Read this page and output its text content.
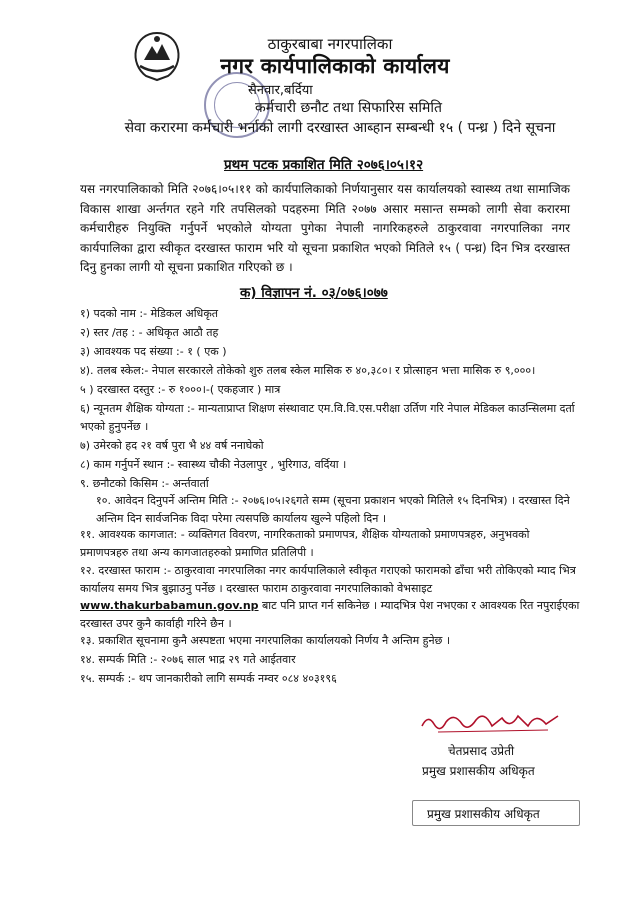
ठाकुरबाबा नगरपालिका
नगर कार्यपालिकाको कार्यालय
सैनवार,बर्दिया
कर्मचारी छनौट तथा सिफारिस समिति
सेवा करारमा कर्मचारी भर्नाको लागी दरखास्त आब्हान सम्बन्धी १५ ( पन्ध्र ) दिने सूचना
प्रथम पटक प्रकाशित मिति २०७६।०५।१२
यस नगरपालिकाको मिति २०७६।०५।११ को कार्यपालिकाको निर्णयानुसार यस कार्यालयको स्वास्थ्य तथा सामाजिक विकास शाखा अर्न्तगत रहने गरि तपसिलको पदहरुमा मिति २०७७ असार मसान्त सम्मको लागी सेवा करारमा कर्मचारीहरु नियुक्ति गर्नुपर्ने भएकोले योग्यता पुगेका नेपाली नागरिकहरुले ठाकुरवावा नगरपालिका नगर कार्यपालिका द्वारा स्वीकृत दरखास्त फाराम भरि यो सूचना प्रकाशित भएको मितिले १५ ( पन्ध्र) दिन भित्र दरखास्त दिनु हुनका लागी यो सूचना प्रकाशित गरिएको छ ।
क) विज्ञापन नं. ०३/०७६।०७७
१) पदको नाम :- मेडिकल अधिकृत
२) स्तर /तह : - अधिकृत आठौ तह
३) आवश्यक पद संख्या :- १ ( एक )
४). तलब स्केल:- नेपाल सरकारले तोकेको शुरु तलब स्केल मासिक रु ४०,३८०। र प्रोत्साहन भत्ता मासिक रु ९,०००।
५ ) दरखास्त दस्तुर :- रु १०००।-( एकहजार ) मात्र
६) न्यूनतम शैक्षिक योग्यता :- मान्यताप्राप्त शिक्षण संस्थावाट एम.वि.वि.एस.परीक्षा उर्तिण गरि नेपाल मेडिकल काउन्सिलमा दर्ता भएको हुनुपर्नेछ ।
७) उमेरको हद २१ वर्ष पुरा भै ४४ वर्ष ननाघेको
८) काम गर्नुपर्ने स्थान :- स्वास्थ्य चौकी नेउलापुर , भुरिगाउ, वर्दिया ।
९. छनौटको किसिम :- अर्न्तवार्ता
१०. आवेदन दिनुपर्ने अन्तिम मिति :- २०७६।०५।२६गते सम्म (सूचना प्रकाशन भएको मितिले १५ दिनभित्र) । दरखास्त दिने अन्तिम दिन सार्वजनिक विदा परेमा त्यसपछि कार्यालय खुल्ने पहिलो दिन ।
११. आवश्यक कागजात: - व्यक्तिगत विवरण, नागरिकताको प्रमाणपत्र, शैक्षिक योग्यताको प्रमाणपत्रहरु, अनुभवको प्रमाणपत्रहरु तथा अन्य कागजातहरुको प्रमाणित प्रतिलिपी ।
१२. दरखास्त फाराम :- ठाकुरवावा नगरपालिका नगर कार्यपालिकाले स्वीकृत गराएको फारामको ढाँचा भरी तोकिएको म्याद भित्र कार्यालय समय भित्र बुझाउनु पर्नेछ । दरखास्त फाराम ठाकुरवावा नगरपालिकाको वेभसाइट
www.thakurbabamun.gov.np बाट पनि प्राप्त गर्न सकिनेछ । म्यादभित्र पेश नभएका र आवश्यक रित नपुराईएका दरखास्त उपर कुनै कार्वाही गरिने छैन ।
१३. प्रकाशित सूचनामा कुनै अस्पष्टता भएमा नगरपालिका कार्यालयको निर्णय नै अन्तिम हुनेछ ।
१४. सम्पर्क मिति :- २०७६ साल भाद्र २९ गते आईतवार
१५. सम्पर्क :- थप जानकारीको लागि सम्पर्क नम्वर ०८४ ४०३१९६
चेतप्रसाद उप्रेती
प्रमुख प्रशासकीय अधिकृत
प्रमुख प्रशासकीय अधिकृत
